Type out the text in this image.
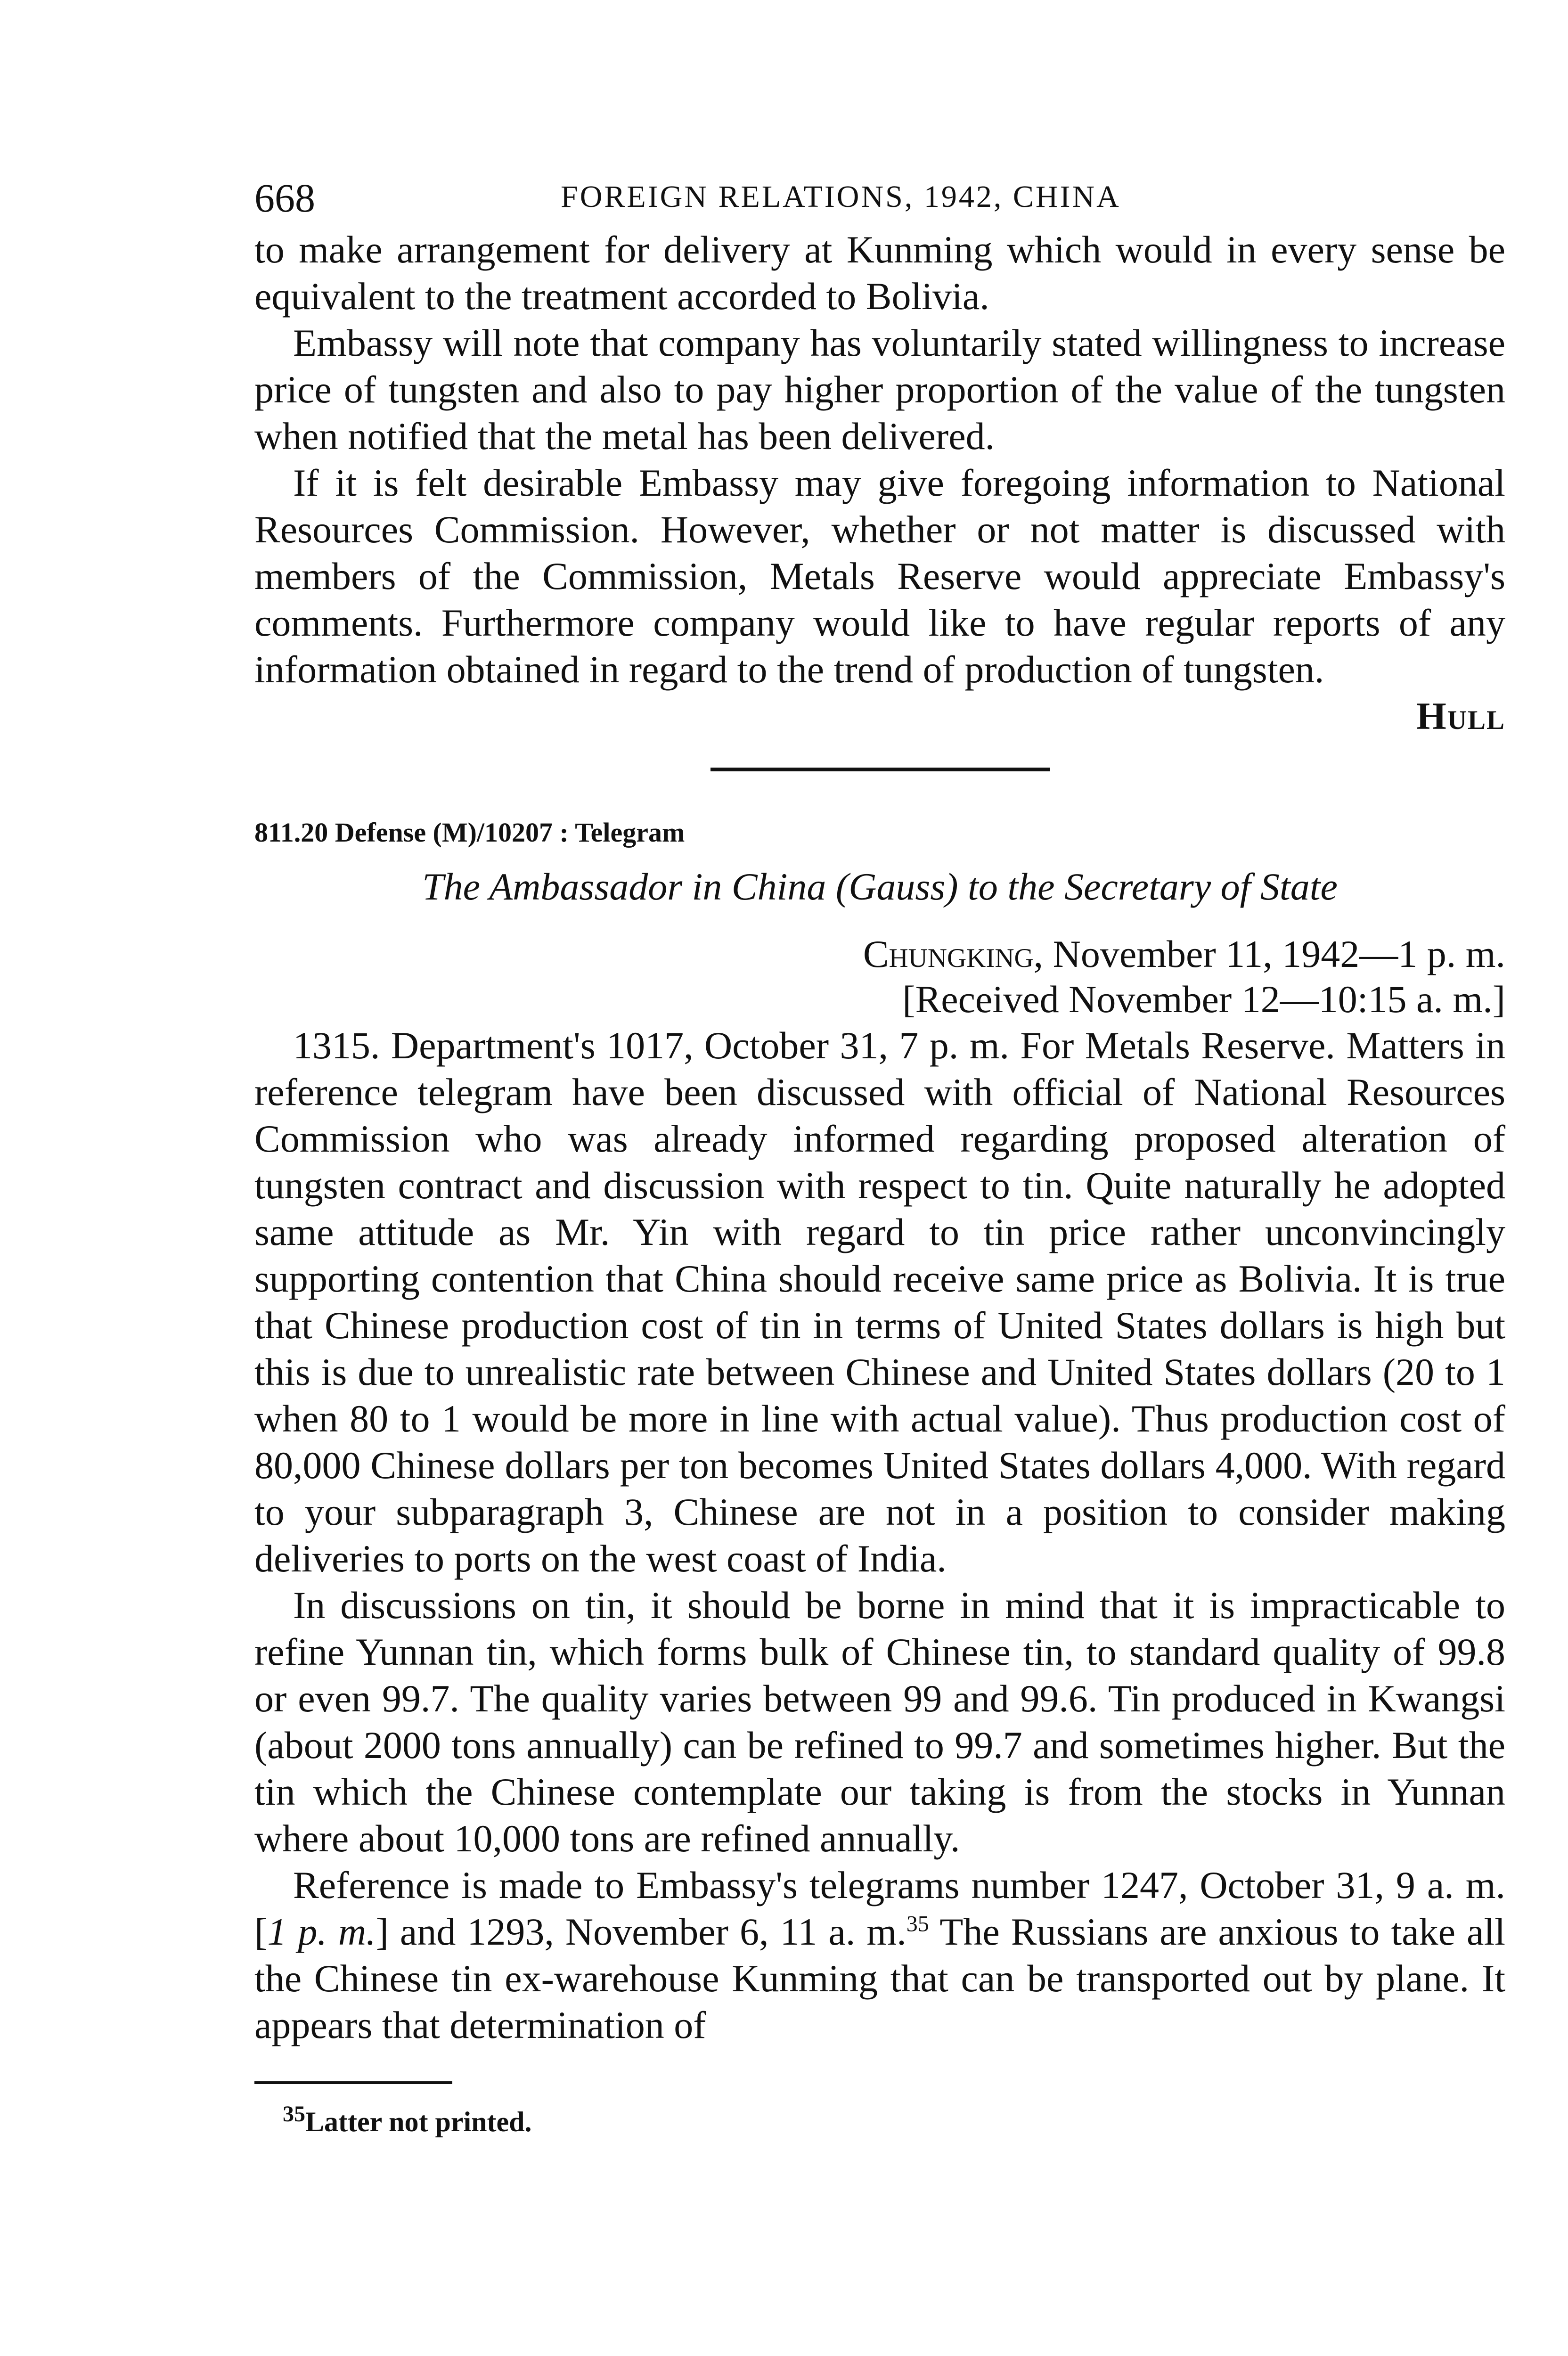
668	FOREIGN RELATIONS, 1942, CHINA

to make arrangement for delivery at Kunming which would in every sense be equivalent to the treatment accorded to Bolivia.

Embassy will note that company has voluntarily stated willingness to increase price of tungsten and also to pay higher proportion of the value of the tungsten when notified that the metal has been delivered.

If it is felt desirable Embassy may give foregoing information to National Resources Commission. However, whether or not matter is discussed with members of the Commission, Metals Reserve would appreciate Embassy's comments. Furthermore company would like to have regular reports of any information obtained in regard to the trend of production of tungsten.

Hull

811.20 Defense (M)/10207 : Telegram

The Ambassador in China (Gauss) to the Secretary of State

Chungking, November 11, 1942—1 p. m.

[Received November 12—10:15 a. m.]

1315. Department's 1017, October 31, 7 p. m. For Metals Reserve. Matters in reference telegram have been discussed with official of National Resources Commission who was already informed regarding proposed alteration of tungsten contract and discussion with respect to tin. Quite naturally he adopted same attitude as Mr. Yin with regard to tin price rather unconvincingly supporting contention that China should receive same price as Bolivia. It is true that Chinese production cost of tin in terms of United States dollars is high but this is due to unrealistic rate between Chinese and United States dollars (20 to 1 when 80 to 1 would be more in line with actual value). Thus production cost of 80,000 Chinese dollars per ton becomes United States dollars 4,000. With regard to your subparagraph 3, Chinese are not in a position to consider making deliveries to ports on the west coast of India.

In discussions on tin, it should be borne in mind that it is impracticable to refine Yunnan tin, which forms bulk of Chinese tin, to standard quality of 99.8 or even 99.7. The quality varies between 99 and 99.6. Tin produced in Kwangsi (about 2000 tons annually) can be refined to 99.7 and sometimes higher. But the tin which the Chinese contemplate our taking is from the stocks in Yunnan where about 10,000 tons are refined annually.

Reference is made to Embassy's telegrams number 1247, October 31, 9 a. m. [1 p. m.] and 1293, November 6, 11 a. m.$^{35}$ The Russians are anxious to take all the Chinese tin ex-warehouse Kunming that can be transported out by plane. It appears that determination of

$^{35}$Latter not printed.
